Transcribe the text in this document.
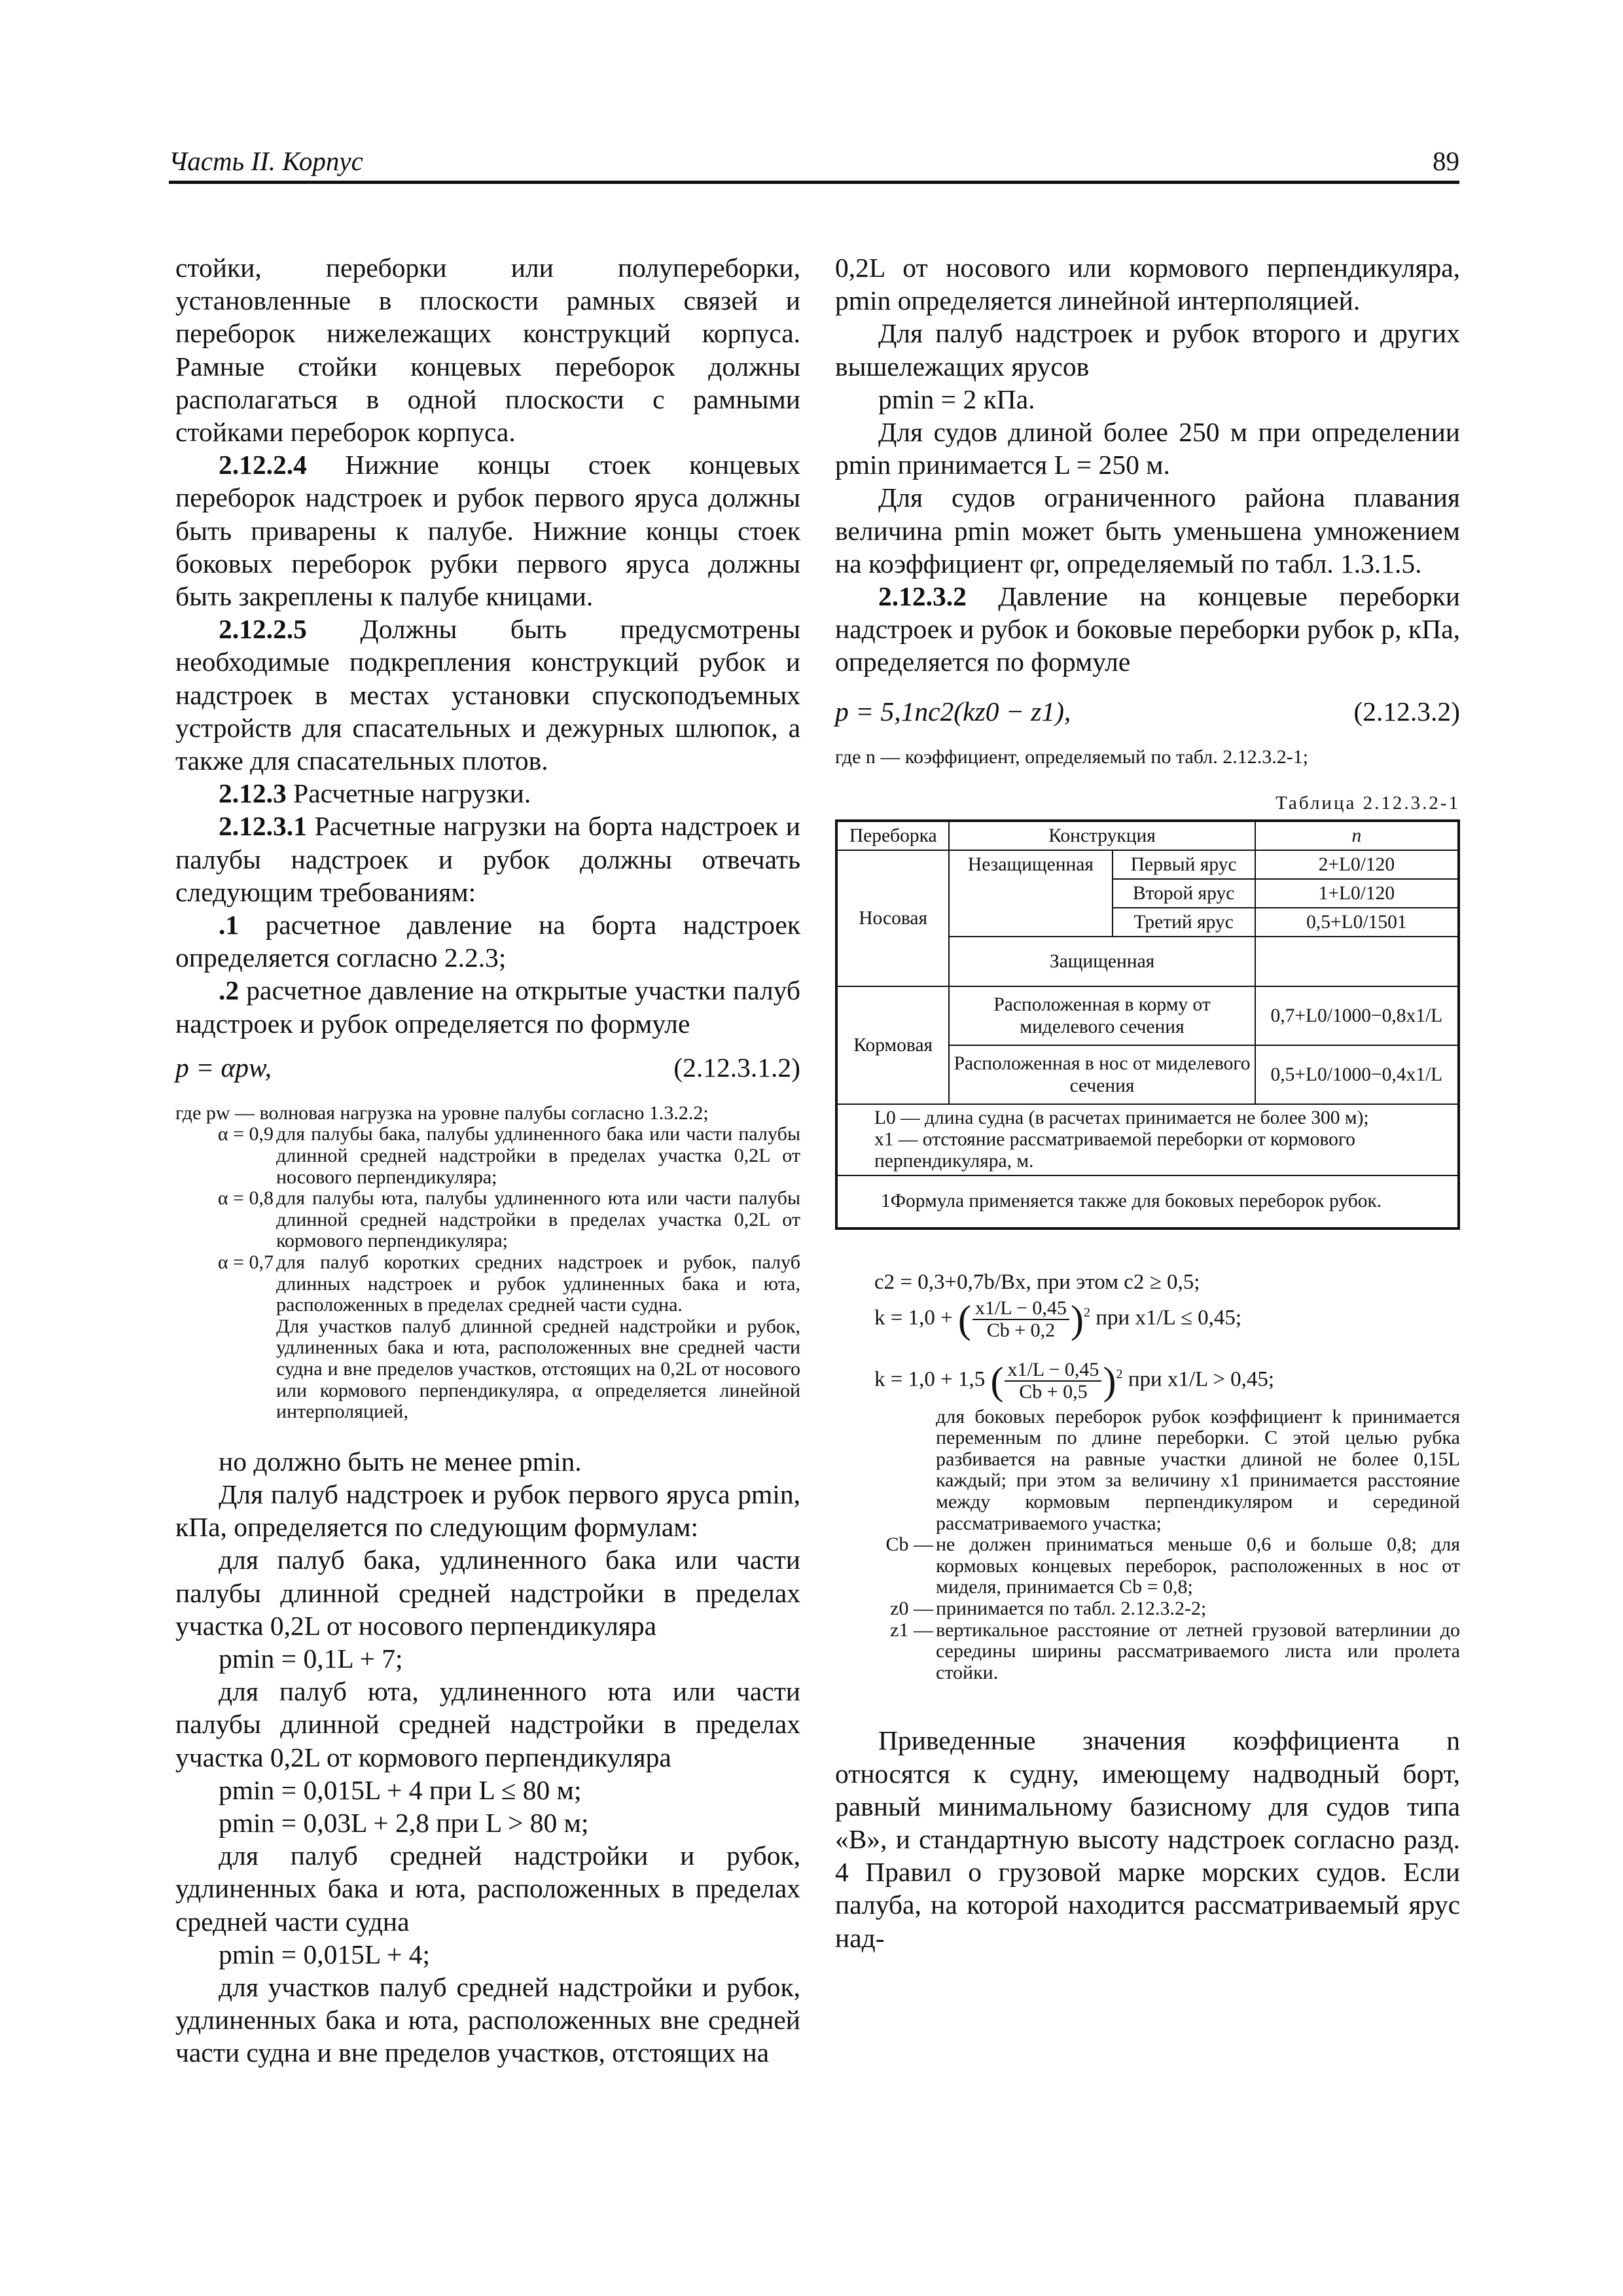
Часть II. Корпус	89

стойки, переборки или полупереборки, установленные в плоскости рамных связей и переборок нижележащих конструкций корпуса. Рамные стойки концевых переборок должны располагаться в одной плоскости с рамными стойками переборок корпуса.

2.12.2.4 Нижние концы стоек концевых переборок надстроек и рубок первого яруса должны быть приварены к палубе. Нижние концы стоек боковых переборок рубки первого яруса должны быть закреплены к палубе кницами.

2.12.2.5 Должны быть предусмотрены необходимые подкрепления конструкций рубок и надстроек в местах установки спускоподъемных устройств для спасательных и дежурных шлюпок, а также для спасательных плотов.

2.12.3 Расчетные нагрузки.

2.12.3.1 Расчетные нагрузки на борта надстроек и палубы надстроек и рубок должны отвечать следующим требованиям:

.1 расчетное давление на борта надстроек определяется согласно 2.2.3;

.2 расчетное давление на открытые участки палуб надстроек и рубок определяется по формуле

p = αpw,	(2.12.3.1.2)

где pw — волновая нагрузка на уровне палубы согласно 1.3.2.2;

α = 0,9 для палубы бака, палубы удлиненного бака или части палубы длинной средней надстройки в пределах участка 0,2L от носового перпендикуляра;
α = 0,8 для палубы юта, палубы удлиненного юта или части палубы длинной средней надстройки в пределах участка 0,2L от кормового перпендикуляра;
α = 0,7 для палуб коротких средних надстроек и рубок, палуб длинных надстроек и рубок удлиненных бака и юта, расположенных в пределах средней части судна.
Для участков палуб длинной средней надстройки и рубок, удлиненных бака и юта, расположенных вне средней части судна и вне пределов участков, отстоящих на 0,2L от носового или кормового перпендикуляра, α определяется линейной интерполяцией,

но должно быть не менее pmin.

Для палуб надстроек и рубок первого яруса pmin, кПа, определяется по следующим формулам:

для палуб бака, удлиненного бака или части палубы длинной средней надстройки в пределах участка 0,2L от носового перпендикуляра

pmin = 0,1L + 7;

для палуб юта, удлиненного юта или части палубы длинной средней надстройки в пределах участка 0,2L от кормового перпендикуляра

pmin = 0,015L + 4 при L ≤ 80 м;

pmin = 0,03L + 2,8 при L > 80 м;

для палуб средней надстройки и рубок, удлиненных бака и юта, расположенных в пределах средней части судна

pmin = 0,015L + 4;

для участков палуб средней надстройки и рубок, удлиненных бака и юта, расположенных вне средней части судна и вне пределов участков, отстоящих на

0,2L от носового или кормового перпендикуляра, pmin определяется линейной интерполяцией.

Для палуб надстроек и рубок второго и других вышележащих ярусов

pmin = 2 кПа.

Для судов длиной более 250 м при определении pmin принимается L = 250 м.

Для судов ограниченного района плавания величина pmin может быть уменьшена умножением на коэффициент φr, определяемый по табл. 1.3.1.5.

2.12.3.2 Давление на концевые переборки надстроек и рубок и боковые переборки рубок p, кПа, определяется по формуле

p = 5,1nc2(kz0 − z1),	(2.12.3.2)

где n — коэффициент, определяемый по табл. 2.12.3.2-1;

Таблица 2.12.3.2-1
Переборка	Конструкция		n
Носовая	Незащищенная	Первый ярус	2+L0/120
		Второй ярус	1+L0/120
		Третий ярус	0,5+L0/1501
	Защищенная		
Кормовая	Расположенная в корму от миделевого сечения		0,7+L0/1000−0,8x1/L
	Расположенная в нос от миделевого сечения		0,5+L0/1000−0,4x1/L

L0 — длина судна (в расчетах принимается не более 300 м);
x1 — отстояние рассматриваемой переборки от кормового перпендикуляра, м.			

1Формула применяется также для боковых переборок рубок.			

c2 = 0,3+0,7b/Bx, при этом c2 ≥ 0,5;

k = 1,0 + ( $\frac{x1/L - 0,45}{Cb + 0,2} )^2$ при x1/L ≤ 0,45;

k = 1,0 + 1,5 ( $\frac{x1/L - 0,45}{Cb + 0,5} )^2$ при x1/L > 0,45;

для боковых переборок рубок коэффициент k принимается переменным по длине переборки. С этой целью рубка разбивается на равные участки длиной не более 0,15L каждый; при этом за величину x1 принимается расстояние между кормовым перпендикуляром и серединой рассматриваемого участка;
Cb — не должен приниматься меньше 0,6 и больше 0,8; для кормовых концевых переборок, расположенных в нос от миделя, принимается Cb = 0,8;
z0 — принимается по табл. 2.12.3.2-2;
z1 — вертикальное расстояние от летней грузовой ватерлинии до середины ширины рассматриваемого листа или пролета стойки.

Приведенные значения коэффициента n относятся к судну, имеющему надводный борт, равный минимальному базисному для судов типа «B», и стандартную высоту надстроек согласно разд. 4 Правил о грузовой марке морских судов. Если палуба, на которой находится рассматриваемый ярус над-
